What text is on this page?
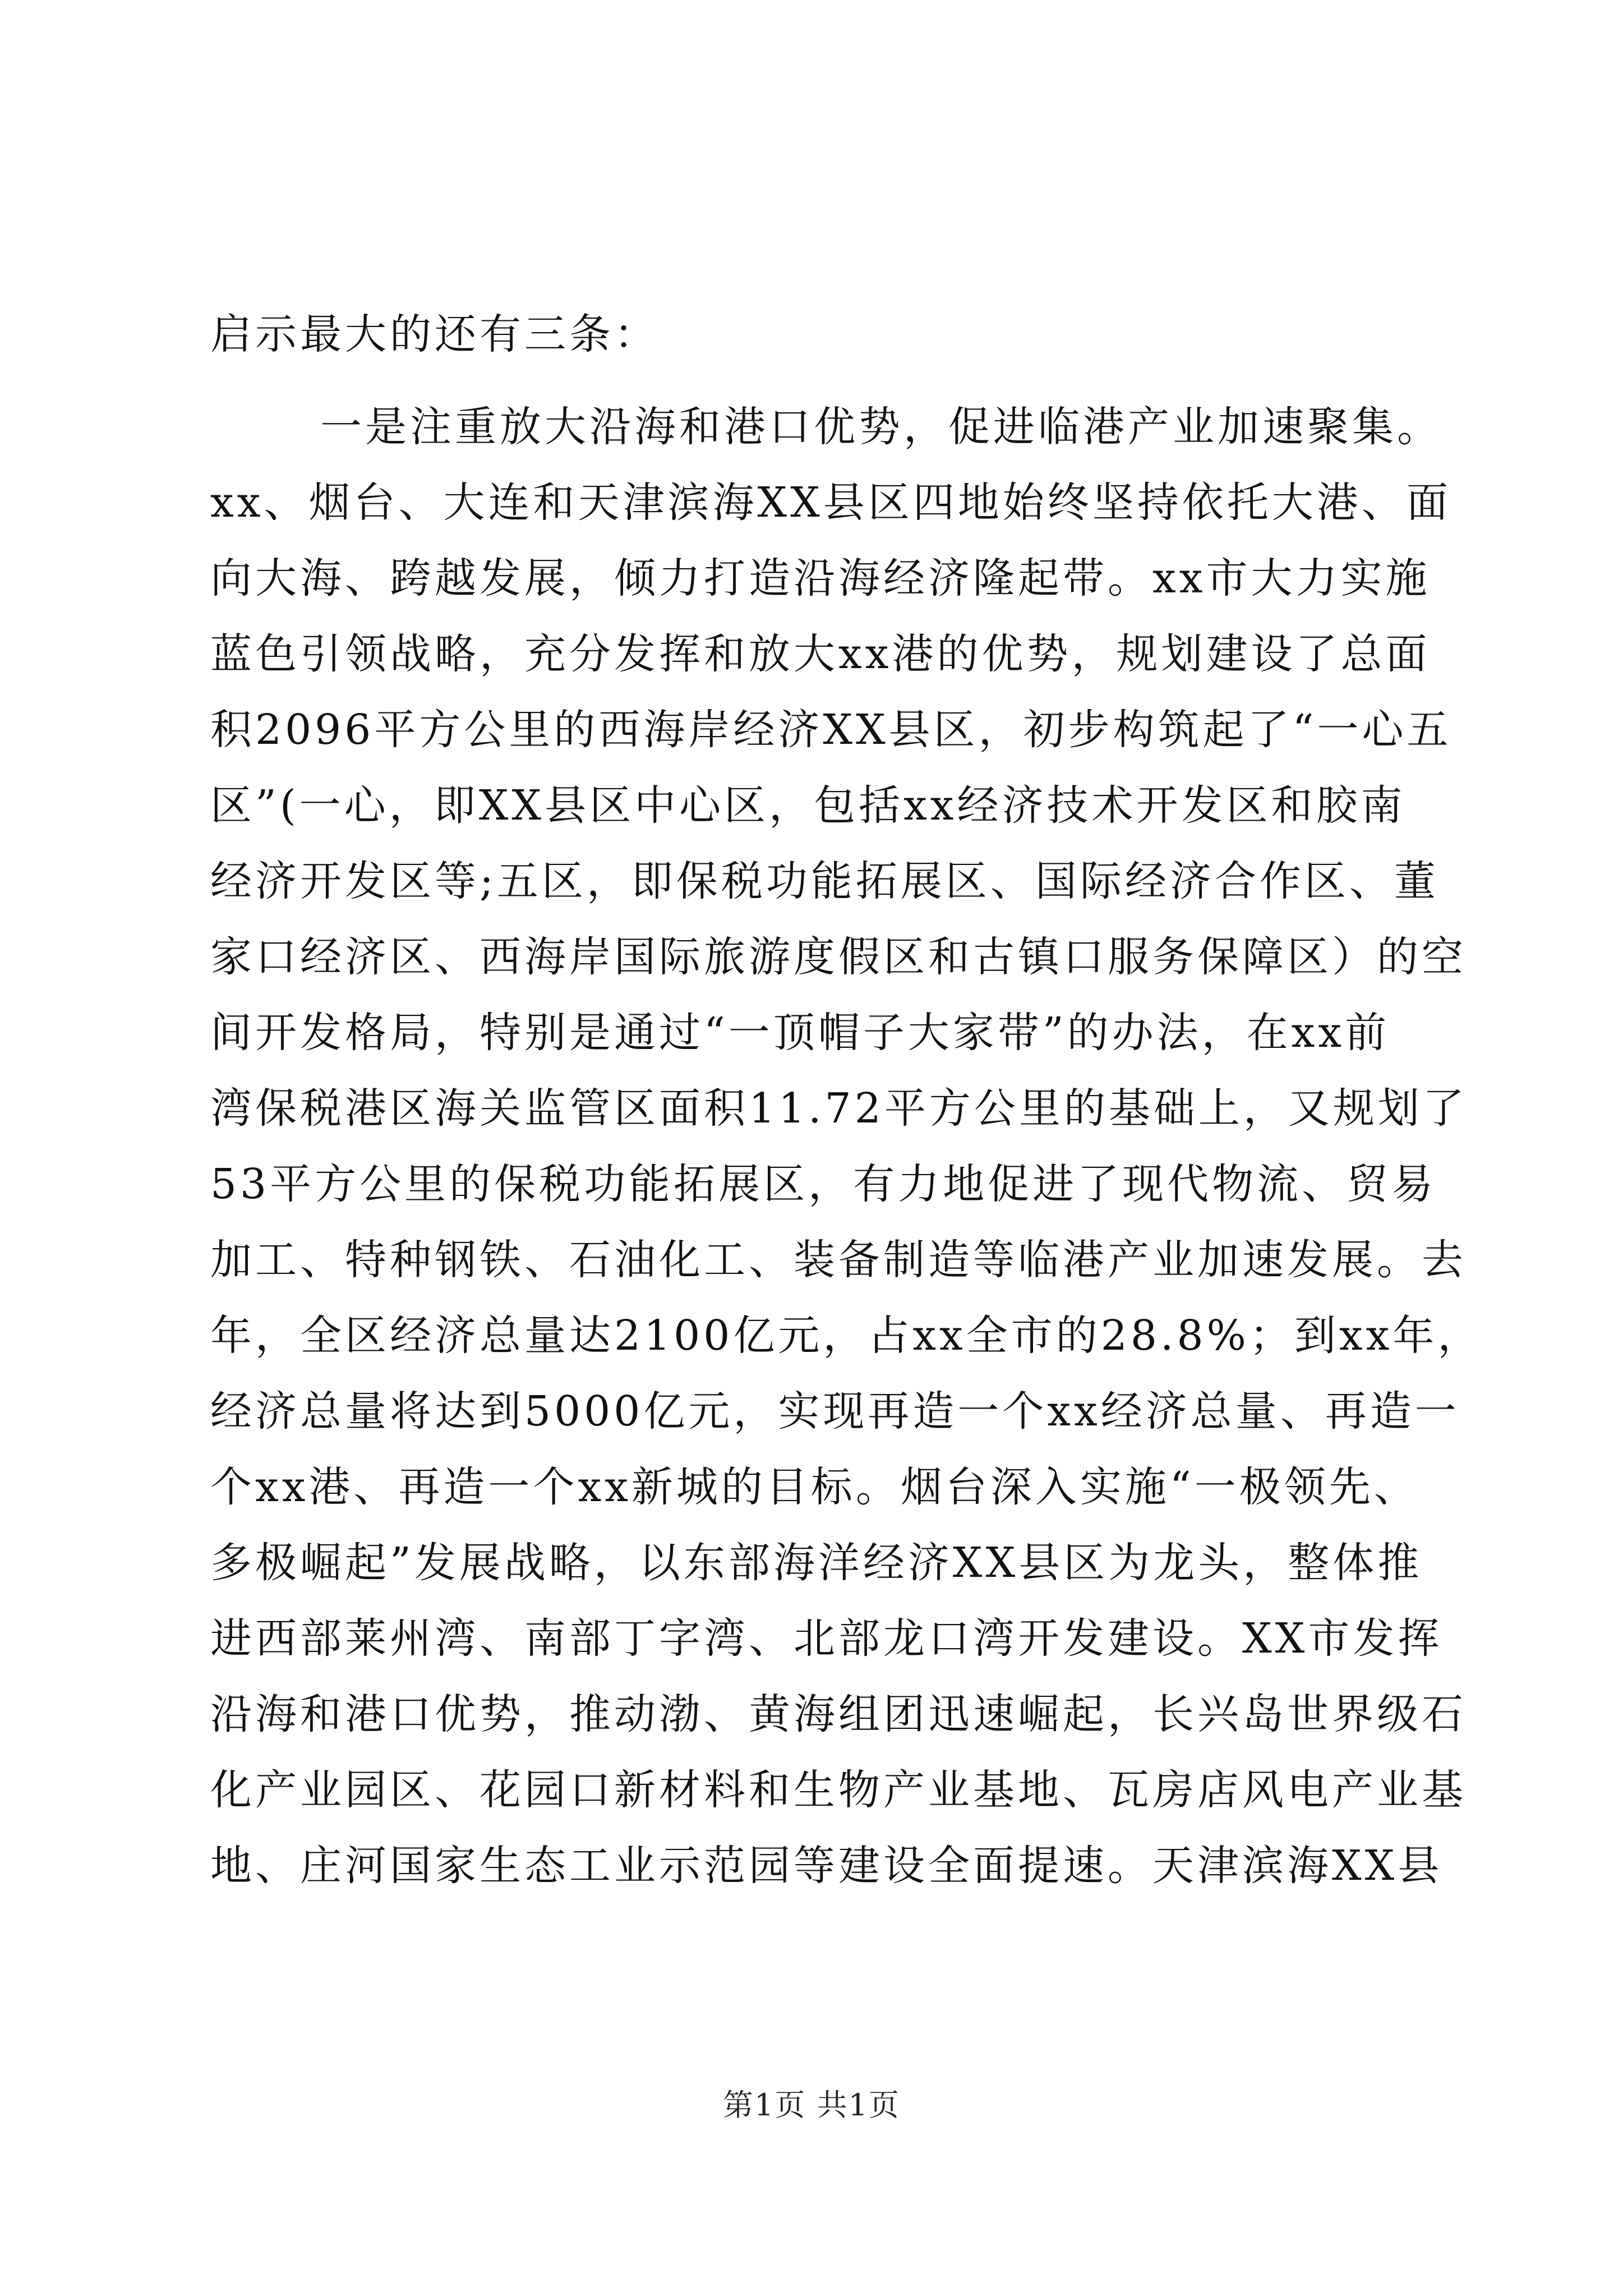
启示最大的还有三条：
一是注重放大沿海和港口优势，促进临港产业加速聚集。
xx、烟台、大连和天津滨海XX县区四地始终坚持依托大港、面
向大海、跨越发展，倾力打造沿海经济隆起带。xx市大力实施
蓝色引领战略，充分发挥和放大xx港的优势，规划建设了总面
积2096平方公里的西海岸经济XX县区，初步构筑起了“一心五
区”(一心，即XX县区中心区，包括xx经济技术开发区和胶南
经济开发区等;五区，即保税功能拓展区、国际经济合作区、董
家口经济区、西海岸国际旅游度假区和古镇口服务保障区）的空
间开发格局，特别是通过“一顶帽子大家带”的办法，在xx前
湾保税港区海关监管区面积11.72平方公里的基础上，又规划了
53平方公里的保税功能拓展区，有力地促进了现代物流、贸易
加工、特种钢铁、石油化工、装备制造等临港产业加速发展。去
年，全区经济总量达2100亿元，占xx全市的28.8%；到xx年，
经济总量将达到5000亿元，实现再造一个xx经济总量、再造一
个xx港、再造一个xx新城的目标。烟台深入实施“一极领先、
多极崛起”发展战略，以东部海洋经济XX县区为龙头，整体推
进西部莱州湾、南部丁字湾、北部龙口湾开发建设。XX市发挥
沿海和港口优势，推动渤、黄海组团迅速崛起，长兴岛世界级石
化产业园区、花园口新材料和生物产业基地、瓦房店风电产业基
地、庄河国家生态工业示范园等建设全面提速。天津滨海XX县
第1页 共1页
